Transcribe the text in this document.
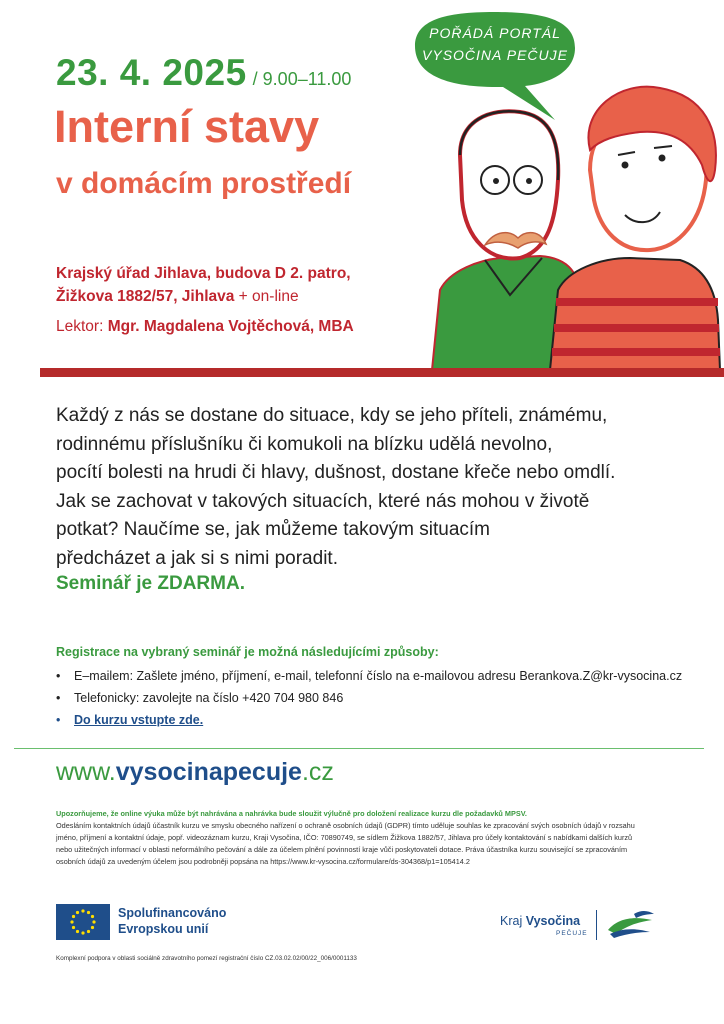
23. 4. 2025 / 9.00–11.00
Interní stavy
v domácím prostředí
Krajský úřad Jihlava, budova D 2. patro,
Žižkova 1882/57, Jihlava + on-line
Lektor: Mgr. Magdalena Vojtěchová, MBA
POŘÁDÁ PORTÁL
VYSOČINA PEČUJE
Každý z nás se dostane do situace, kdy se jeho příteli, známému,
rodinnému příslušníku či komukoli na blízku udělá nevolno,
pocítí bolesti na hrudi či hlavy, dušnost, dostane křeče nebo omdlí.
Jak se zachovat v takových situacích, které nás mohou v životě
potkat? Naučíme se, jak můžeme takovým situacím
předcházet a jak si s nimi poradit.
Seminář je ZDARMA.
Registrace na vybraný seminář je možná následujícími způsoby:
• E–mailem: Zašlete jméno, příjmení, e-mail, telefonní číslo na e-mailovou adresu Berankova.Z@kr-vysocina.cz
• Telefonicky: zavolejte na číslo +420 704 980 846
• Do kurzu vstupte zde.
www.vysocinapecuje.cz
Upozorňujeme, že online výuka může být nahrávána a nahrávka bude sloužit výlučně pro doložení realizace kurzu dle požadavků MPSV.
Odesláním kontaktních údajů účastník kurzu ve smyslu obecného nařízení o ochraně osobních údajů (GDPR) tímto uděluje souhlas ke zpracování svých osobních údajů v rozsahu
jméno, příjmení a kontaktní údaje, popř. videozáznam kurzu, Kraji Vysočina, IČO: 70890749, se sídlem Žižkova 1882/57, Jihlava pro účely kontaktování s nabídkami dalších kurzů
nebo užitečných informací v oblasti neformálního pečování a dále za účelem plnění povinností kraje vůči poskytovateli dotace. Práva účastníka kurzu související se zpracováním
osobních údajů za uvedeným účelem jsou podrobněji popsána na https://www.kr-vysocina.cz/formulare/ds-304368/p1=105414.2
Spolufinancováno
Evropskou unií
Kraj Vysočina
PEČUJE
Komplexní podpora v oblasti sociálně zdravotního pomezí registrační číslo CZ.03.02.02/00/22_006/0001133
